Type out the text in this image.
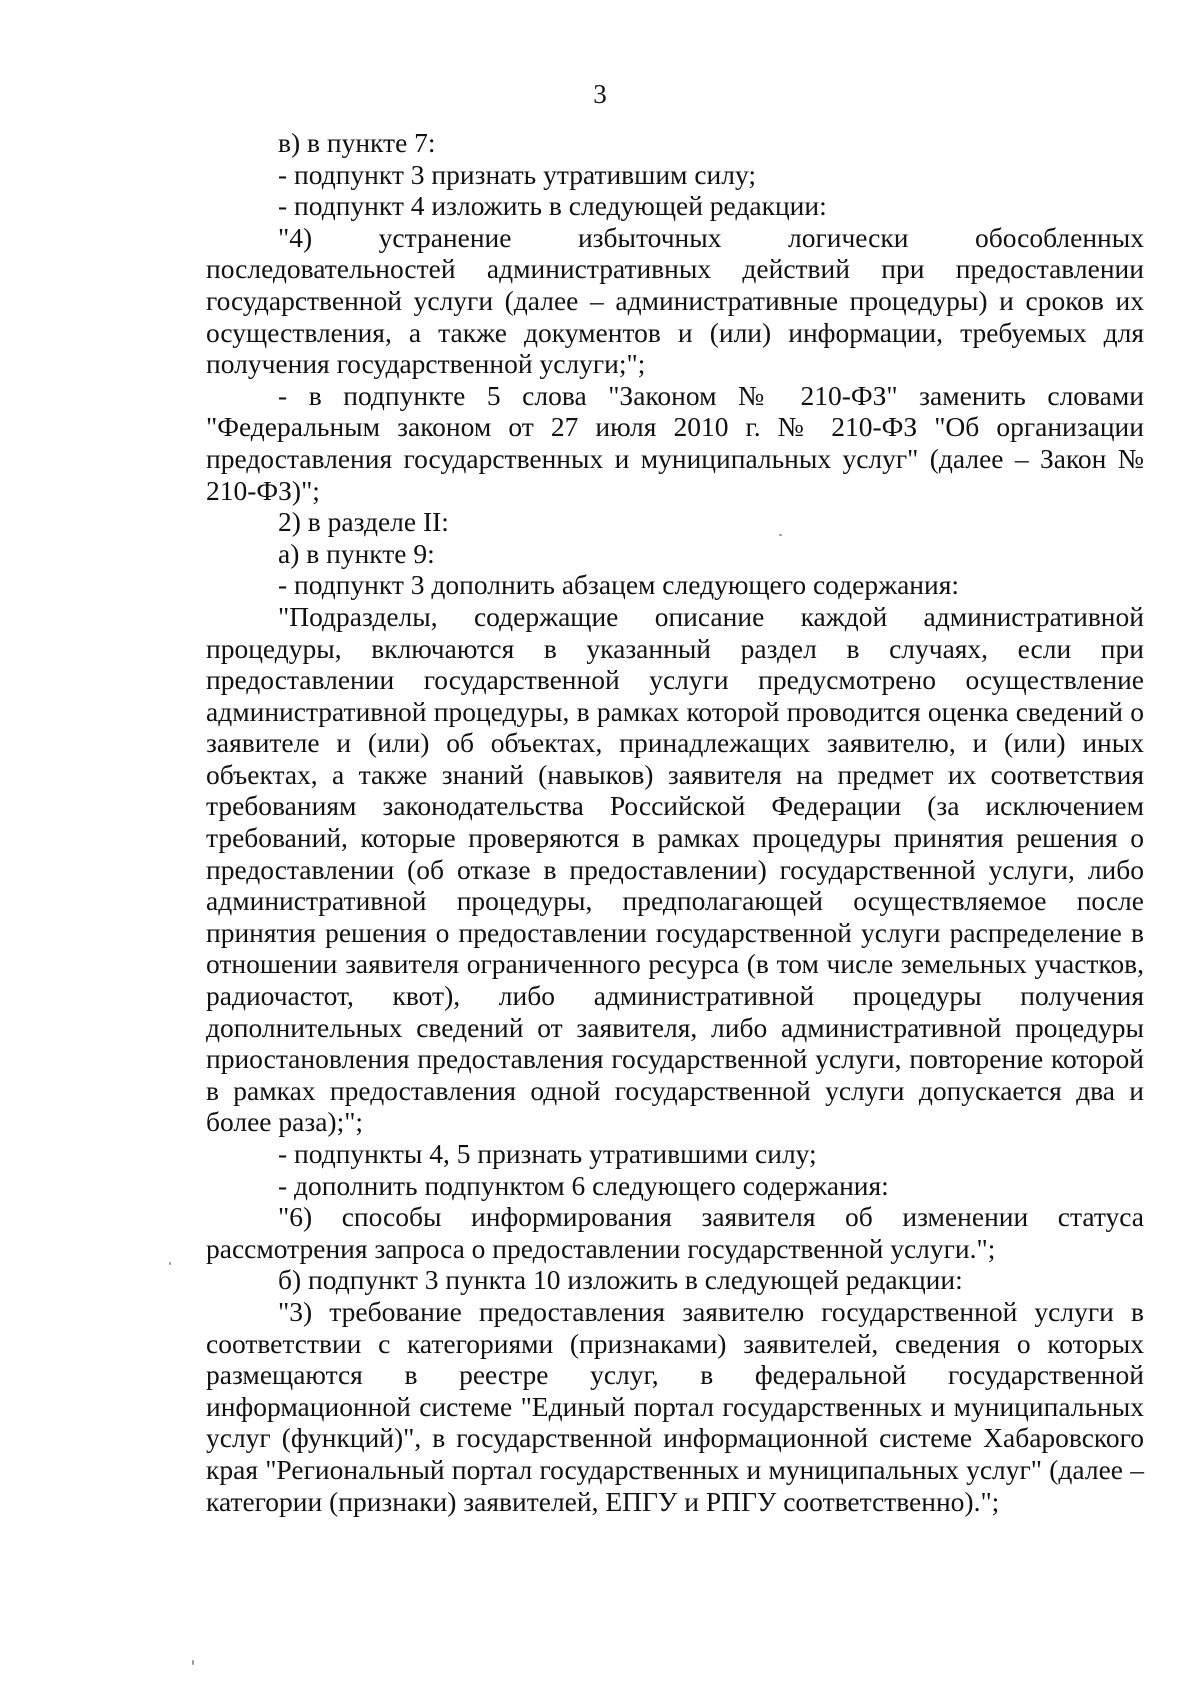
3

в) в пункте 7:

- подпункт 3 признать утратившим силу;

- подпункт 4 изложить в следующей редакции:

"4) устранение избыточных логически обособленных последовательностей административных действий при предоставлении государственной услуги (далее – административные процедуры) и сроков их осуществления, а также документов и (или) информации, требуемых для получения государственной услуги;";

- в подпункте 5 слова "Законом № 210-ФЗ" заменить словами "Федеральным законом от 27 июля 2010 г. № 210-ФЗ "Об организации предоставления государственных и муниципальных услуг" (далее – Закон № 210-ФЗ)";

2) в разделе II:

а) в пункте 9:

- подпункт 3 дополнить абзацем следующего содержания:

"Подразделы, содержащие описание каждой административной процедуры, включаются в указанный раздел в случаях, если при предоставлении государственной услуги предусмотрено осуществление административной процедуры, в рамках которой проводится оценка сведений о заявителе и (или) об объектах, принадлежащих заявителю, и (или) иных объектах, а также знаний (навыков) заявителя на предмет их соответствия требованиям законодательства Российской Федерации (за исключением требований, которые проверяются в рамках процедуры принятия решения о предоставлении (об отказе в предоставлении) государственной услуги, либо административной процедуры, предполагающей осуществляемое после принятия решения о предоставлении государственной услуги распределение в отношении заявителя ограниченного ресурса (в том числе земельных участков, радиочастот, квот), либо административной процедуры получения дополнительных сведений от заявителя, либо административной процедуры приостановления предоставления государственной услуги, повторение которой в рамках предоставления одной государственной услуги допускается два и более раза);";

- подпункты 4, 5 признать утратившими силу;

- дополнить подпунктом 6 следующего содержания:

"6) способы информирования заявителя об изменении статуса рассмотрения запроса о предоставлении государственной услуги.";

б) подпункт 3 пункта 10 изложить в следующей редакции:

"3) требование предоставления заявителю государственной услуги в соответствии с категориями (признаками) заявителей, сведения о которых размещаются в реестре услуг, в федеральной государственной информационной системе "Единый портал государственных и муниципальных услуг (функций)", в государственной информационной системе Хабаровского края "Региональный портал государственных и муниципальных услуг" (далее – категории (признаки) заявителей, ЕПГУ и РПГУ соответственно).";
